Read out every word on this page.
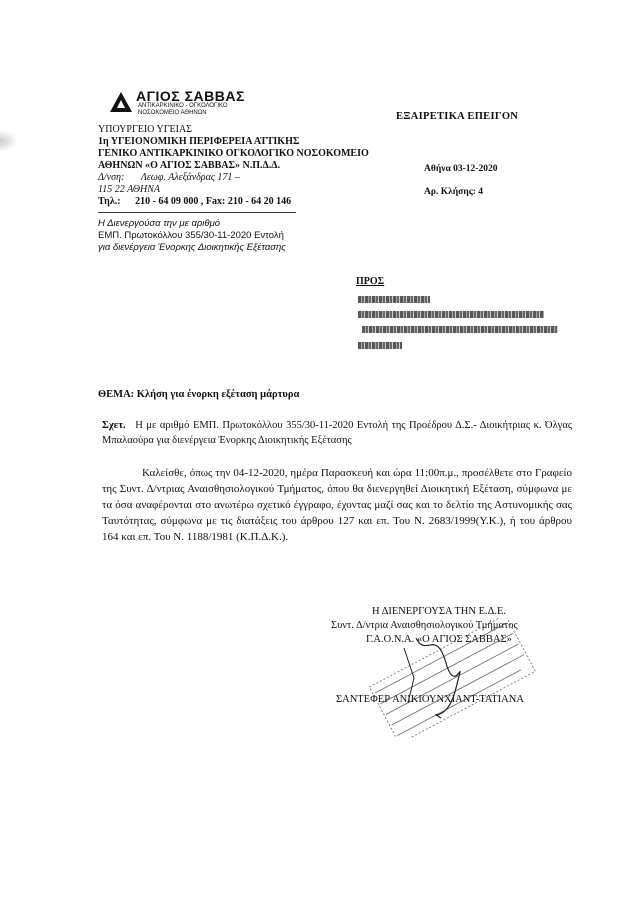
ΑΓΙΟΣ ΣΑΒΒΑΣ
ΑΝΤΙΚΑΡΚΙΝΙΚΟ - ΟΓΚΟΛΟΓΙΚΟ ΝΟΣΟΚΟΜΕΙΟ ΑΘΗΝΩΝ
ΥΠΟΥΡΓΕΙΟ ΥΓΕΙΑΣ
1η ΥΓΕΙΟΝΟΜΙΚΗ ΠΕΡΙΦΕΡΕΙΑ ΑΤΤΙΚΗΣ
ΓΕΝΙΚΟ ΑΝΤΙΚΑΡΚΙΝΙΚΟ ΟΓΚΟΛΟΓΙΚΟ ΝΟΣΟΚΟΜΕΙΟ
ΑΘΗΝΩΝ «Ο ΑΓΙΟΣ ΣΑΒΒΑΣ» Ν.Π.Δ.Δ.
Δ/νση: Λεωφ. Αλεξάνδρας 171 –
115 22 ΑΘΗΝΑ
Τηλ.: 210 - 64 09 000 , Fax: 210 - 64 20 146
Η Διενεργούσα την με αριθμό
ΕΜΠ. Πρωτοκόλλου 355/30-11-2020 Εντολή
για διενέργεια Ένορκης Διοικητικής Εξέτασης
ΕΞΑΙΡΕΤΙΚΑ ΕΠΕΙΓΟΝ
Αθήνα 03-12-2020
Αρ. Κλήσης: 4
ΠΡΟΣ
ΘΕΜΑ: Κλήση για ένορκη εξέταση μάρτυρα
Σχετ. Η με αριθμό ΕΜΠ. Πρωτοκόλλου 355/30-11-2020 Εντολή της Προέδρου Δ.Σ.- Διοικήτριας κ. Όλγας Μπαλαούρα για διενέργεια Ένορκης Διοικητικής Εξέτασης
Καλείσθε, όπως την 04-12-2020, ημέρα Παρασκευή και ώρα 11:00π.μ., προσέλθετε στο Γραφείο της Συντ. Δ/ντριας Αναισθησιολογικού Τμήματος, όπου θα διενεργηθεί Διοικητική Εξέταση, σύμφωνα με τα όσα αναφέρονται στο ανωτέρω σχετικό έγγραφο, έχοντας μαζί σας και το δελτίο της Αστυνομικής σας Ταυτότητας, σύμφωνα με τις διατάξεις του άρθρου 127 και επ. Του Ν. 2683/1999(Υ.Κ.), ή του άρθρου 164 και επ. Του Ν. 1188/1981 (Κ.Π.Δ.Κ.).
Η ΔΙΕΝΕΡΓΟΥΣΑ ΤΗΝ Ε.Δ.Ε.
Συντ. Δ/ντρια Αναισθησιολογικού Τμήματος
Γ.Α.Ο.Ν.Α. «Ο ΑΓΙΟΣ ΣΑΒΒΑΣ»
ΣΑΝΤΕΦΕΡ ΑΝΙΚΙΟΥΝΧΙΑΝΤ-ΤΑΤΙΑΝΑ
